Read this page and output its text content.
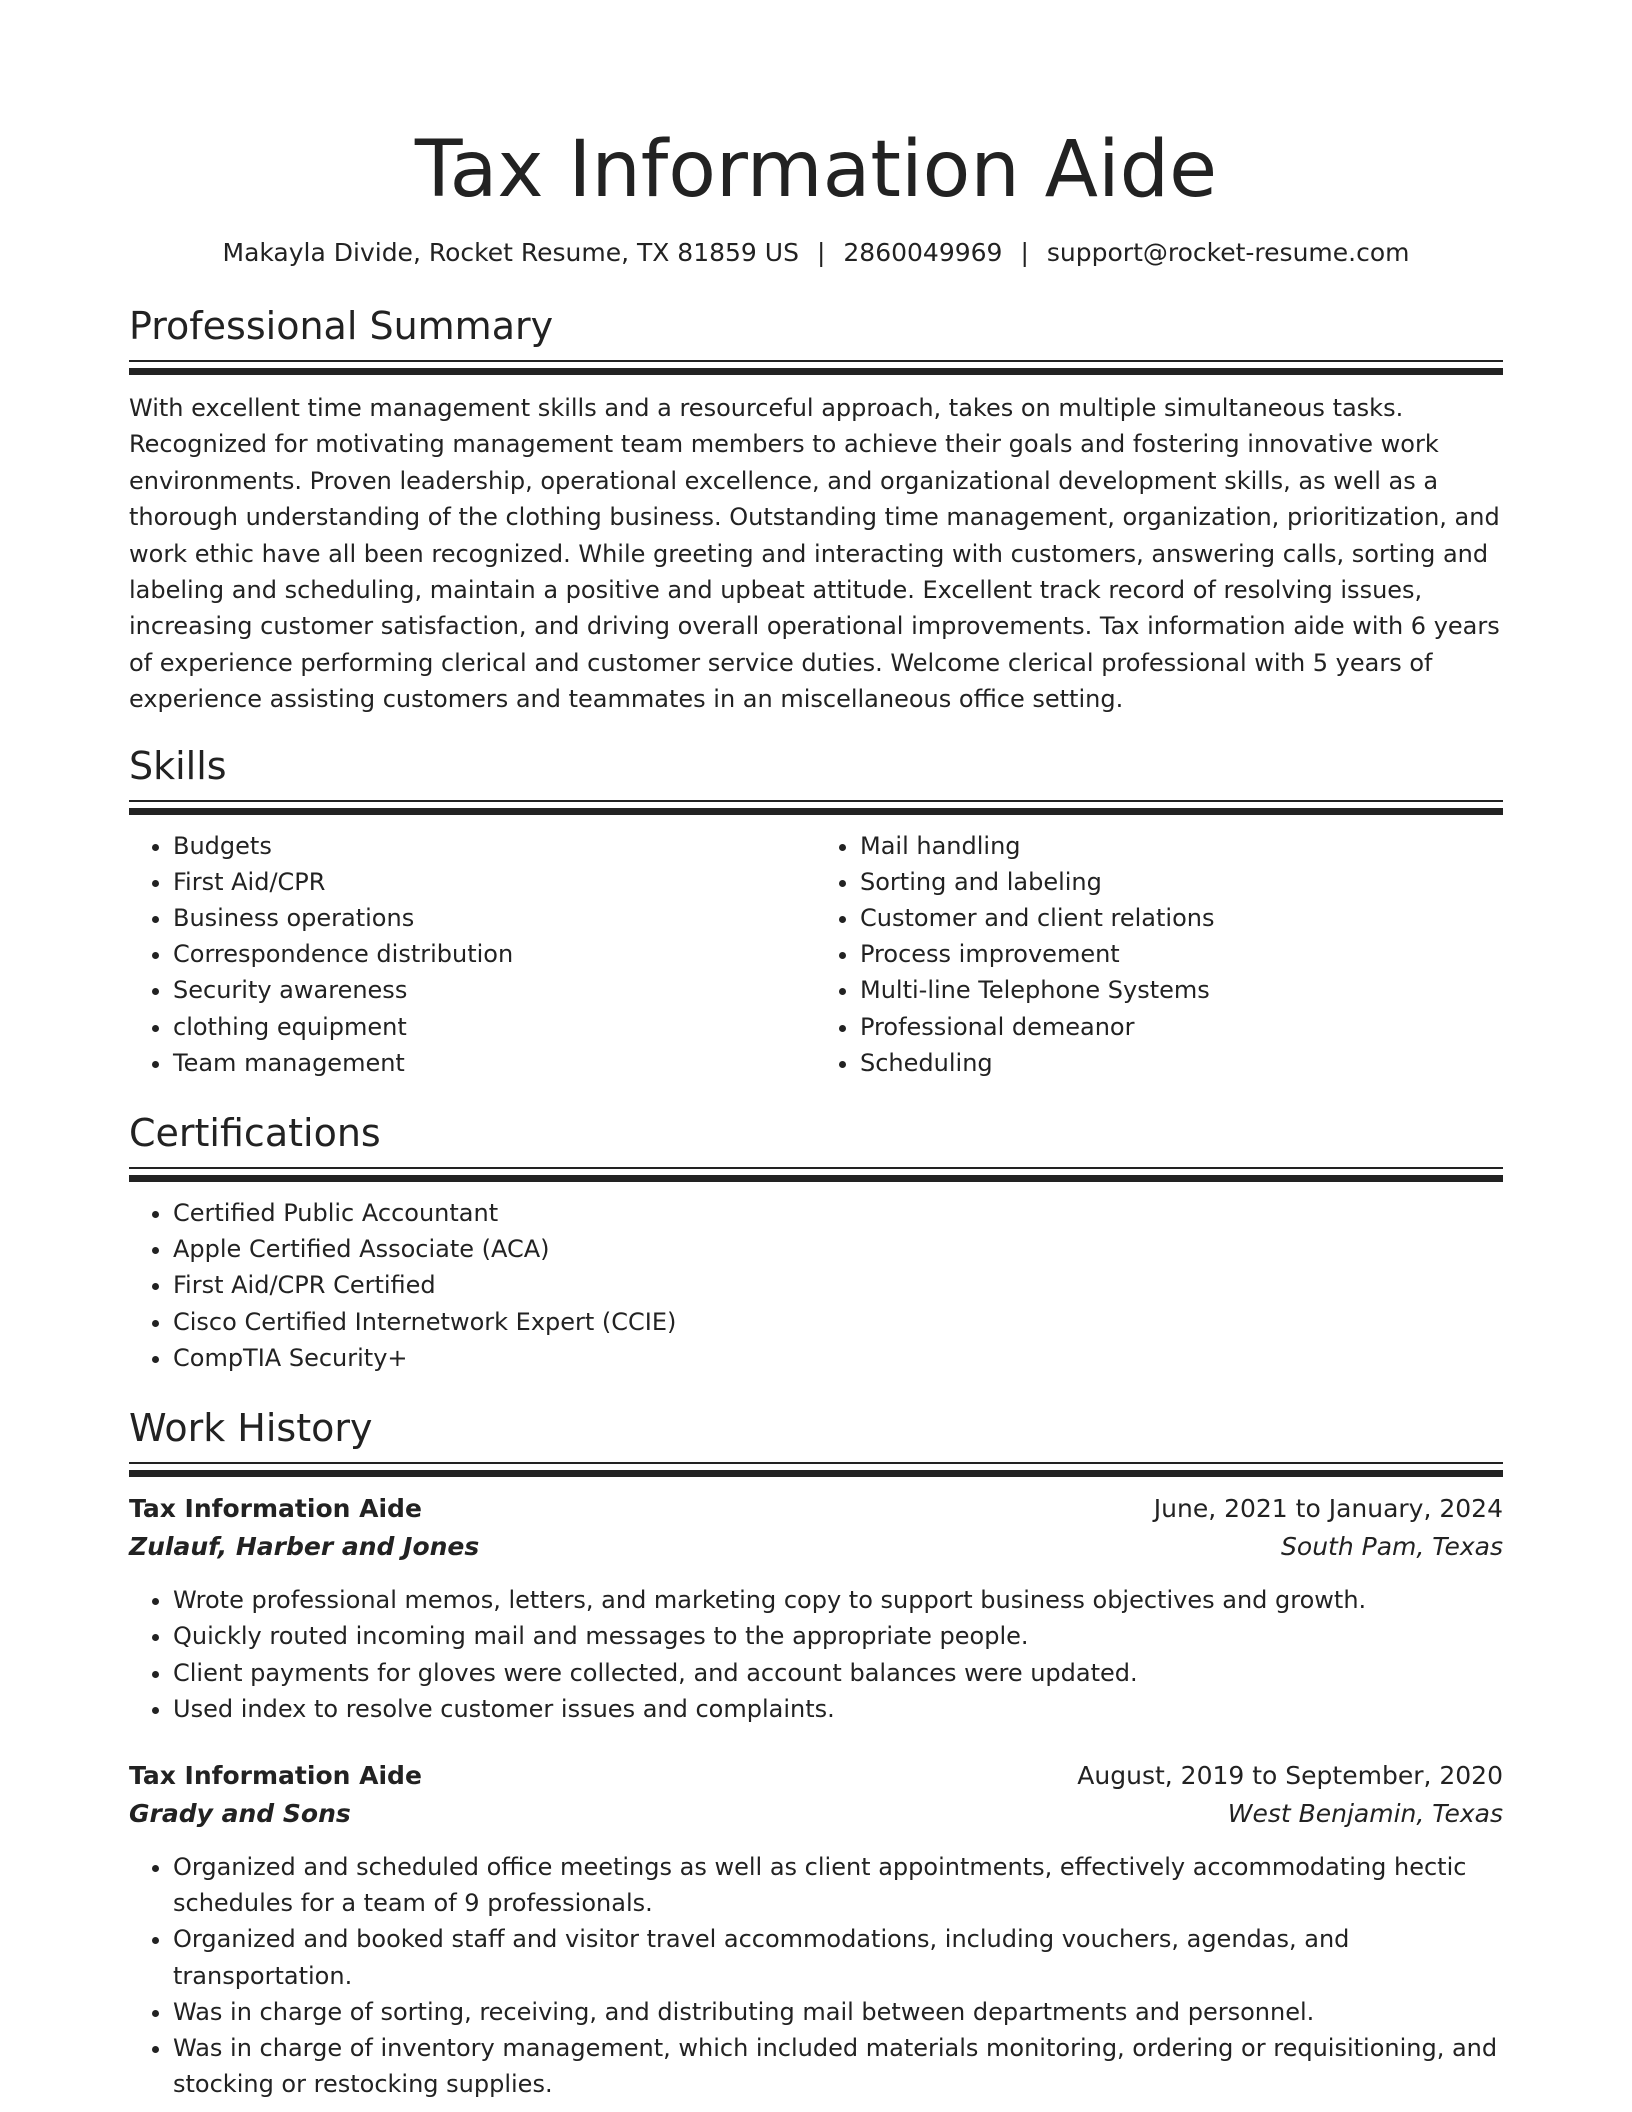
Tax Information Aide
Makayla Divide, Rocket Resume, TX 81859 US | 2860049969 | support@rocket-resume.com
Professional Summary
With excellent time management skills and a resourceful approach, takes on multiple simultaneous tasks. Recognized for motivating management team members to achieve their goals and fostering innovative work environments. Proven leadership, operational excellence, and organizational development skills, as well as a thorough understanding of the clothing business. Outstanding time management, organization, prioritization, and work ethic have all been recognized. While greeting and interacting with customers, answering calls, sorting and labeling and scheduling, maintain a positive and upbeat attitude. Excellent track record of resolving issues, increasing customer satisfaction, and driving overall operational improvements. Tax information aide with 6 years of experience performing clerical and customer service duties. Welcome clerical professional with 5 years of experience assisting customers and teammates in an miscellaneous office setting.
Skills
• Budgets
• First Aid/CPR
• Business operations
• Correspondence distribution
• Security awareness
• clothing equipment
• Team management
• Mail handling
• Sorting and labeling
• Customer and client relations
• Process improvement
• Multi-line Telephone Systems
• Professional demeanor
• Scheduling
Certifications
• Certified Public Accountant
• Apple Certified Associate (ACA)
• First Aid/CPR Certified
• Cisco Certified Internetwork Expert (CCIE)
• CompTIA Security+
Work History
Tax Information Aide	June, 2021 to January, 2024
Zulauf, Harber and Jones	South Pam, Texas
• Wrote professional memos, letters, and marketing copy to support business objectives and growth.
• Quickly routed incoming mail and messages to the appropriate people.
• Client payments for gloves were collected, and account balances were updated.
• Used index to resolve customer issues and complaints.
Tax Information Aide	August, 2019 to September, 2020
Grady and Sons	West Benjamin, Texas
• Organized and scheduled office meetings as well as client appointments, effectively accommodating hectic schedules for a team of 9 professionals.
• Organized and booked staff and visitor travel accommodations, including vouchers, agendas, and transportation.
• Was in charge of sorting, receiving, and distributing mail between departments and personnel.
• Was in charge of inventory management, which included materials monitoring, ordering or requisitioning, and stocking or restocking supplies.
